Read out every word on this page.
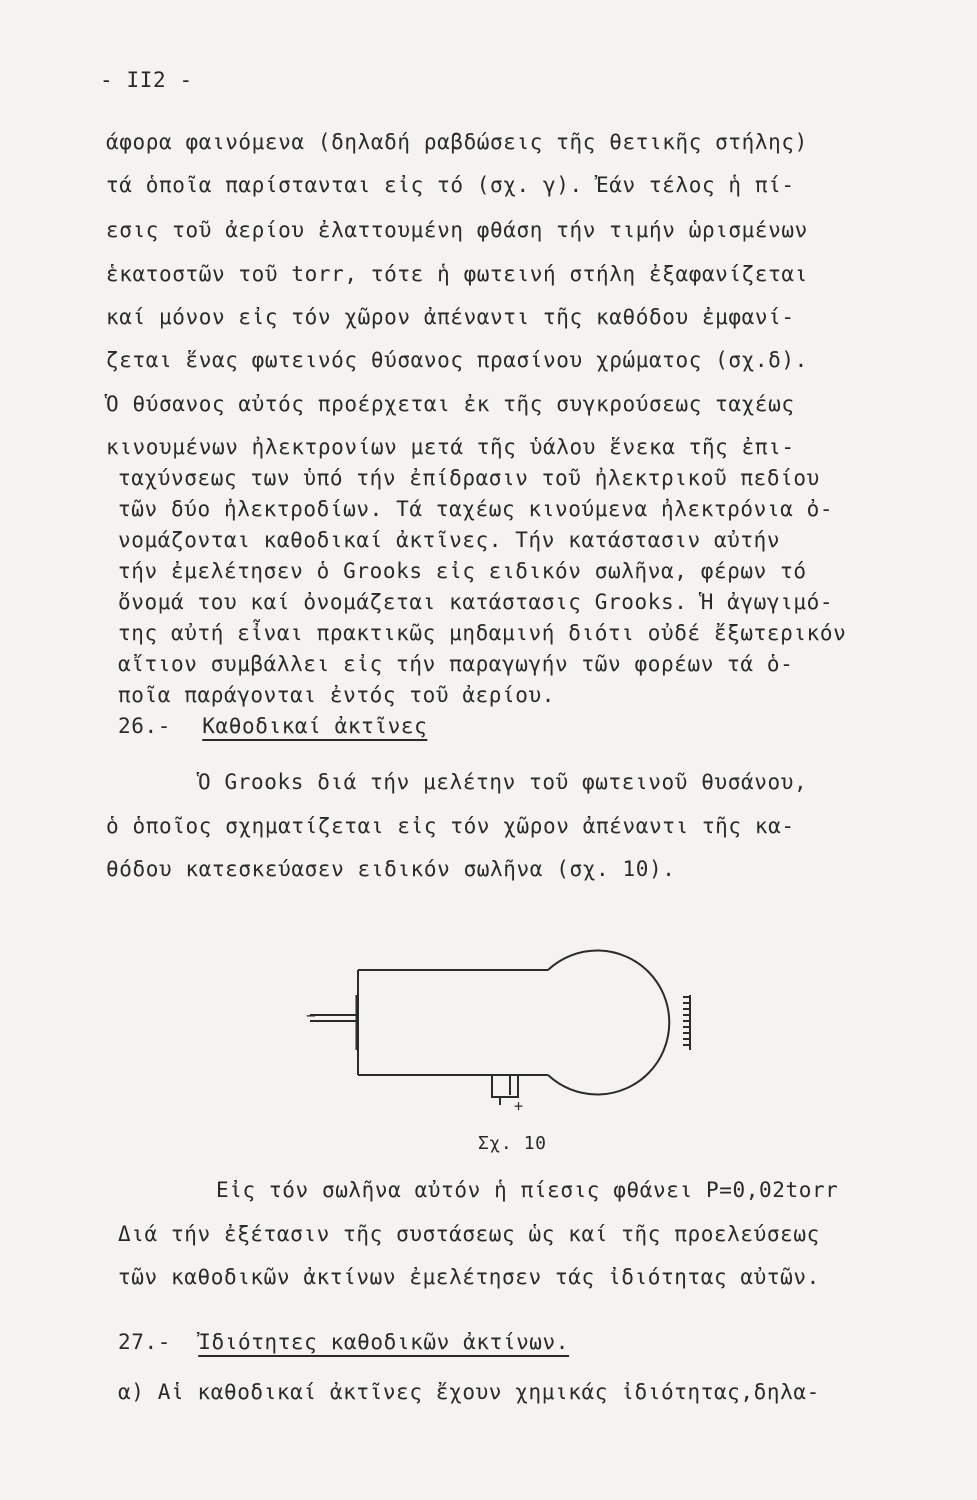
- II2 -
άφορα φαινόμενα (δηλαδή ραβδώσεις τῆς θετικῆς στήλης)
τά ὁποῖα παρίστανται εἰς τό (σχ. γ). Ἐάν τέλος ἡ πί-
εσις τοῦ ἀερίου ἐλαττουμένη φθάση τήν τιμήν ὡρισμένων
ἑκατοστῶν τοῦ torr, τότε ἡ φωτεινή στήλη ἐξαφανίζεται
καί μόνον εἰς τόν χῶρον ἀπέναντι τῆς καθόδου ἐμφανί-
ζεται ἕνας φωτεινός θύσανος πρασίνου χρώματος (σχ.δ).
Ὁ θύσανος αὐτός προέρχεται ἐκ τῆς συγκρούσεως ταχέως
κινουμένων ἠλεκτρονίων μετά τῆς ὑάλου ἕνεκα τῆς ἐπι-
ταχύνσεως των ὑπό τήν ἐπίδρασιν τοῦ ἠλεκτρικοῦ πεδίου
τῶν δύο ἠλεκτροδίων. Τά ταχέως κινούμενα ἠλεκτρόνια ὀ-
νομάζονται καθοδικαί ἀκτῖνες. Τήν κατάστασιν αὐτήν
τήν ἐμελέτησεν ὁ Grooks εἰς ειδικόν σωλῆνα, φέρων τό
ὄνομά του καί ὀνομάζεται κατάστασις Grooks. Ἡ ἀγωγιμό-
της αὐτή εἶναι πρακτικῶς μηδαμινή διότι οὐδέ ἔξωτερικόν
αἴτιον συμβάλλει εἰς τήν παραγωγήν τῶν φορέων τά ὁ-
ποῖα παράγονται ἐντός τοῦ ἀερίου.
26.- Καθοδικαί ἀκτῖνες
Ὁ Grooks διά τήν μελέτην τοῦ φωτεινοῦ θυσάνου,
ὁ ὁποῖος σχηματίζεται εἰς τόν χῶρον ἀπέναντι τῆς κα-
θόδου κατεσκεύασεν ειδικόν σωλῆνα (σχ. 10).
−
+
Σχ. 10
Εἰς τόν σωλῆνα αὐτόν ἡ πίεσις φθάνει P=0,02torr
Διά τήν ἐξέτασιν τῆς συστάσεως ὡς καί τῆς προελεύσεως
τῶν καθοδικῶν ἀκτίνων ἐμελέτησεν τάς ἰδιότητας αὐτῶν.
27.- Ἰδιότητες καθοδικῶν ἀκτίνων.
α) Αἱ καθοδικαί ἀκτῖνες ἔχουν χημικάς ἰδιότητας,δηλα-
